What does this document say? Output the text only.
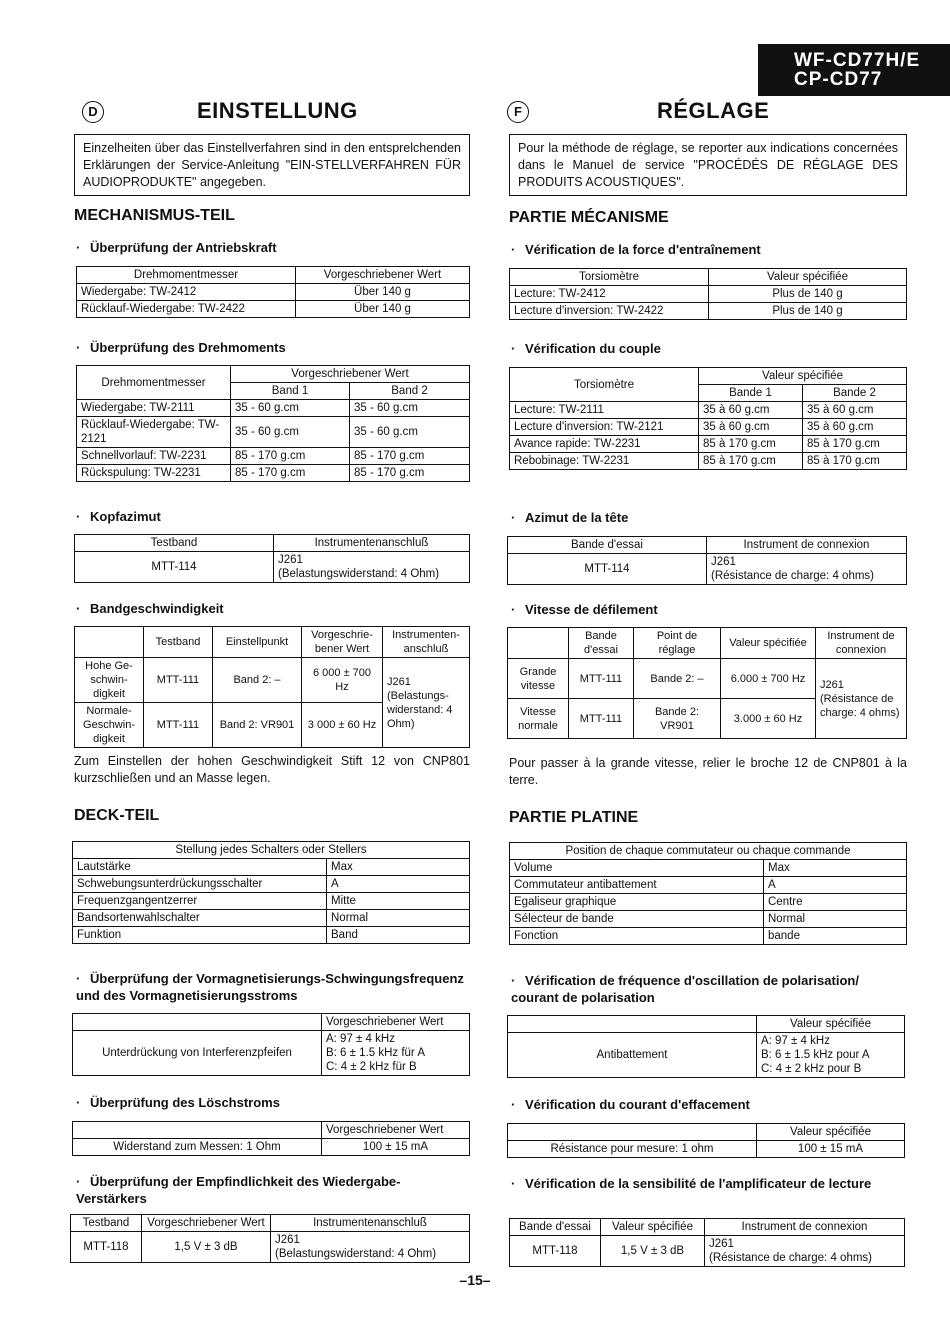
WF-CD77H/E
CP-CD77
D	EINSTELLUNG
Einzelheiten über das Einstellverfahren sind in den entsprelchenden Erklärungen der Service-Anleitung "EIN-STELLVERFAHREN FÜR AUDIOPRODUKTE" angegeben.
MECHANISMUS-TEIL
· Überprüfung der Antriebskraft
Drehmomentmesser	Vorgeschriebener Wert
Wiedergabe: TW-2412	Über 140 g
Rücklauf-Wiedergabe: TW-2422	Über 140 g
· Überprüfung des Drehmoments
Drehmomentmesser	Vorgeschriebener Wert	
	Band 1	Band 2
Wiedergabe: TW-2111	35 - 60 g.cm	35 - 60 g.cm
Rücklauf-Wiedergabe: TW-2121	35 - 60 g.cm	35 - 60 g.cm
Schnellvorlauf: TW-2231	85 - 170 g.cm	85 - 170 g.cm
Rückspulung: TW-2231	85 - 170 g.cm	85 - 170 g.cm
· Kopfazimut
Testband	Instrumentenanschluß
MTT-114	J261
(Belastungswiderstand: 4 Ohm)
· Bandgeschwindigkeit
	Testband	Einstellpunkt	Vorgeschrie-bener Wert	Instrumenten-anschluß
Hohe Ge-schwin-digkeit	MTT-111	Band 2: –	6 000 ± 700 Hz	J261 (Belastungs-widerstand: 4 Ohm)
Normale-Geschwin-digkeit	MTT-111	Band 2: VR901	3 000 ± 60 Hz	
Zum Einstellen der hohen Geschwindigkeit Stift 12 von CNP801 kurzschließen und an Masse legen.
DECK-TEIL
Stellung jedes Schalters oder Stellers	
Lautstärke	Max
Schwebungsunterdrückungsschalter	A
Frequenzgangentzerrer	Mitte
Bandsortenwahlschalter	Normal
Funktion	Band
· Überprüfung der Vormagnetisierungs-Schwingungsfrequenz und des Vormagnetisierungsstroms
	Vorgeschriebener Wert
Unterdrückung von Interferenzpfeifen	A: 97 ± 4 kHz
B: 6 ± 1.5 kHz für A
C: 4 ± 2 kHz für B
· Überprüfung des Löschstroms
	Vorgeschriebener Wert
Widerstand zum Messen: 1 Ohm	100 ± 15 mA
· Überprüfung der Empfindlichkeit des Wiedergabe-Verstärkers
Testband	Vorgeschriebener Wert	Instrumentenanschluß
MTT-118	1,5 V ± 3 dB	J261
(Belastungswiderstand: 4 Ohm)
F	RÉGLAGE
Pour la méthode de réglage, se reporter aux indications concernées dans le Manuel de service "PROCÉDÉS DE RÉGLAGE DES PRODUITS ACOUSTIQUES".
PARTIE MÉCANISME
· Vérification de la force d'entraînement
Torsiomètre	Valeur spécifiée
Lecture: TW-2412	Plus de 140 g
Lecture d'inversion: TW-2422	Plus de 140 g
· Vérification du couple
Torsiomètre	Valeur spécifiée	
	Bande 1	Bande 2
Lecture: TW-2111	35 à 60 g.cm	35 à 60 g.cm
Lecture d'inversion: TW-2121	35 à 60 g.cm	35 à 60 g.cm
Avance rapide: TW-2231	85 à 170 g.cm	85 à 170 g.cm
Rebobinage: TW-2231	85 à 170 g.cm	85 à 170 g.cm
· Azimut de la tête
Bande d'essai	Instrument de connexion
MTT-114	J261
(Résistance de charge: 4 ohms)
· Vitesse de défilement
	Bande d'essai	Point de réglage	Valeur spécifiée	Instrument de connexion
Grande vitesse	MTT-111	Bande 2: –	6.000 ± 700 Hz	J261 (Résistance de charge: 4 ohms)
Vitesse normale	MTT-111	Bande 2: VR901	3.000 ± 60 Hz	
Pour passer à la grande vitesse, relier le broche 12 de CNP801 à la terre.
PARTIE PLATINE
Position de chaque commutateur ou chaque commande	
Volume	Max
Commutateur antibattement	A
Egaliseur graphique	Centre
Sélecteur de bande	Normal
Fonction	bande
· Vérification de fréquence d'oscillation de polarisation/ courant de polarisation
	Valeur spécifiée
Antibattement	A: 97 ± 4 kHz
B: 6 ± 1.5 kHz pour A
C: 4 ± 2 kHz pour B
· Vérification du courant d'effacement
	Valeur spécifiée
Résistance pour mesure: 1 ohm	100 ± 15 mA
· Vérification de la sensibilité de l'amplificateur de lecture
Bande d'essai	Valeur spécifiée	Instrument de connexion
MTT-118	1,5 V ± 3 dB	J261
(Résistance de charge: 4 ohms)
–15–
